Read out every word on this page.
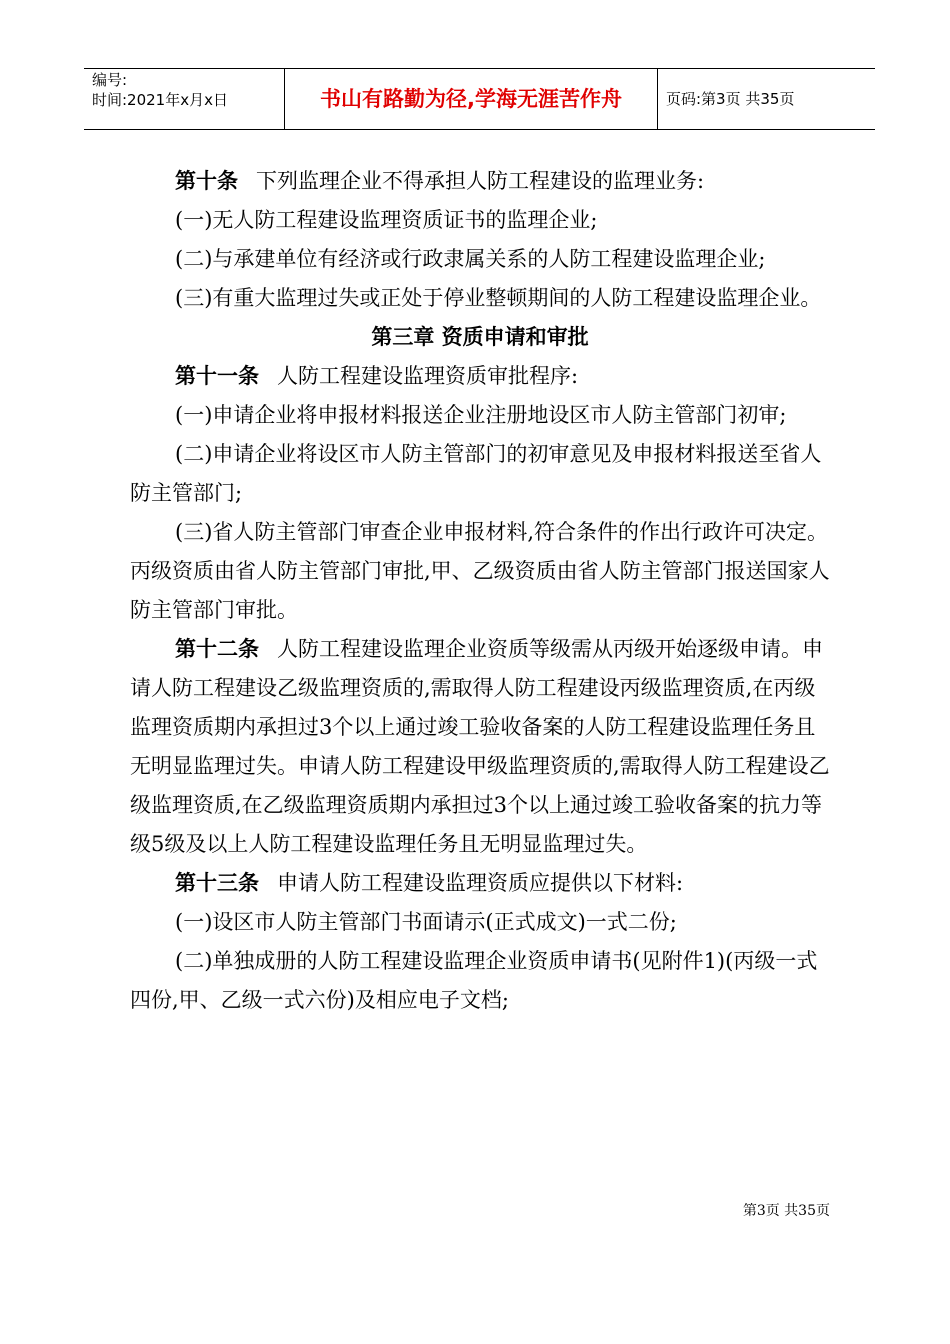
编号:
时间:2021年x月x日	书山有路勤为径,学海无涯苦作舟	页码:第3页 共35页

第十条 下列监理企业不得承担人防工程建设的监理业务:

(一)无人防工程建设监理资质证书的监理企业;

(二)与承建单位有经济或行政隶属关系的人防工程建设监理企业;

(三)有重大监理过失或正处于停业整顿期间的人防工程建设监理企业。

第三章 资质申请和审批

第十一条 人防工程建设监理资质审批程序:

(一)申请企业将申报材料报送企业注册地设区市人防主管部门初审;

(二)申请企业将设区市人防主管部门的初审意见及申报材料报送至省人防主管部门;

(三)省人防主管部门审查企业申报材料,符合条件的作出行政许可决定。丙级资质由省人防主管部门审批,甲、乙级资质由省人防主管部门报送国家人防主管部门审批。

第十二条 人防工程建设监理企业资质等级需从丙级开始逐级申请。申请人防工程建设乙级监理资质的,需取得人防工程建设丙级监理资质,在丙级监理资质期内承担过3个以上通过竣工验收备案的人防工程建设监理任务且无明显监理过失。申请人防工程建设甲级监理资质的,需取得人防工程建设乙级监理资质,在乙级监理资质期内承担过3个以上通过竣工验收备案的抗力等级5级及以上人防工程建设监理任务且无明显监理过失。

第十三条 申请人防工程建设监理资质应提供以下材料:

(一)设区市人防主管部门书面请示(正式成文)一式二份;

(二)单独成册的人防工程建设监理企业资质申请书(见附件1)(丙级一式四份,甲、乙级一式六份)及相应电子文档;

第3页 共35页
